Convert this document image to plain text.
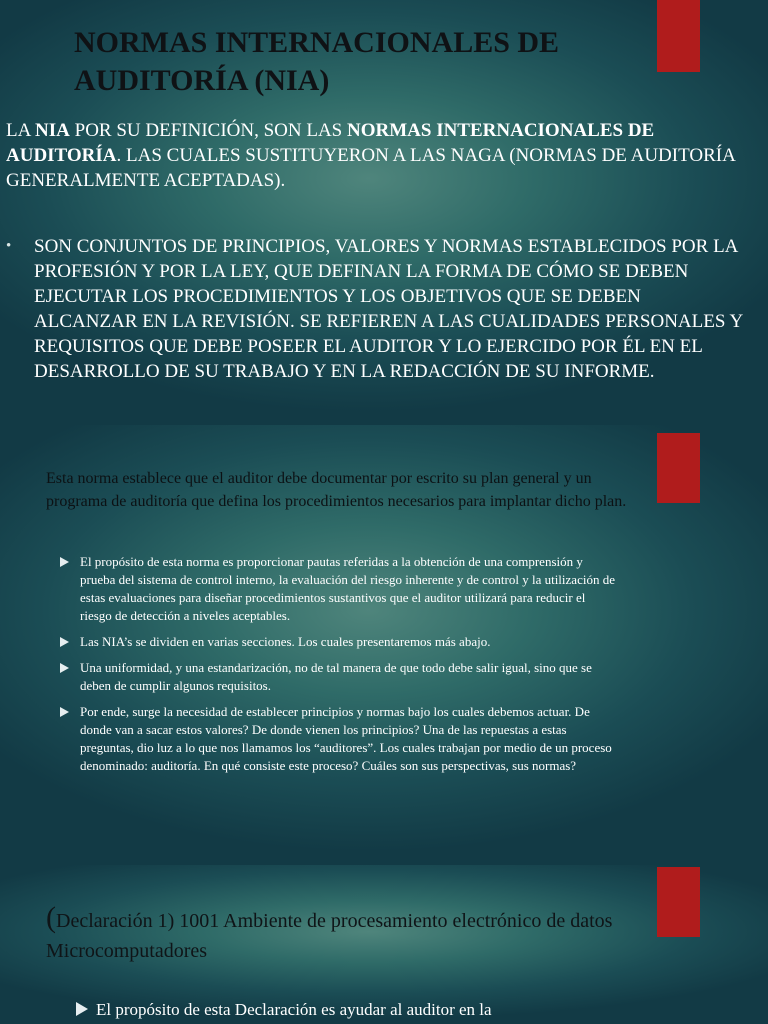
NORMAS INTERNACIONALES DE AUDITORÍA (NIA)

LA NIA POR SU DEFINICIÓN, SON LAS NORMAS INTERNACIONALES DE AUDITORÍA. LAS CUALES SUSTITUYERON A LAS NAGA (NORMAS DE AUDITORÍA GENERALMENTE ACEPTADAS).

• SON CONJUNTOS DE PRINCIPIOS, VALORES Y NORMAS ESTABLECIDOS POR LA PROFESIÓN Y POR LA LEY, QUE DEFINAN LA FORMA DE CÓMO SE DEBEN EJECUTAR LOS PROCEDIMIENTOS Y LOS OBJETIVOS QUE SE DEBEN ALCANZAR EN LA REVISIÓN. SE REFIEREN A LAS CUALIDADES PERSONALES Y REQUISITOS QUE DEBE POSEER EL AUDITOR Y LO EJERCIDO POR ÉL EN EL DESARROLLO DE SU TRABAJO Y EN LA REDACCIÓN DE SU INFORME.

Esta norma establece que el auditor debe documentar por escrito su plan general y un programa de auditoría que defina los procedimientos necesarios para implantar dicho plan.

El propósito de esta norma es proporcionar pautas referidas a la obtención de una comprensión y prueba del sistema de control interno, la evaluación del riesgo inherente y de control y la utilización de estas evaluaciones para diseñar procedimientos sustantivos que el auditor utilizará para reducir el riesgo de detección a niveles aceptables.
Las NIA’s se dividen en varias secciones. Los cuales presentaremos más abajo.
Una uniformidad, y una estandarización, no de tal manera de que todo debe salir igual, sino que se deben de cumplir algunos requisitos.
Por ende, surge la necesidad de establecer principios y normas bajo los cuales debemos actuar. De donde van a sacar estos valores? De donde vienen los principios? Una de las repuestas a estas preguntas, dio luz a lo que nos llamamos los “auditores”. Los cuales trabajan por medio de un proceso denominado: auditoría. En qué consiste este proceso? Cuáles son sus perspectivas, sus normas?

(Declaración 1) 1001 Ambiente de procesamiento electrónico de datos Microcomputadores

El propósito de esta Declaración es ayudar al auditor en la
